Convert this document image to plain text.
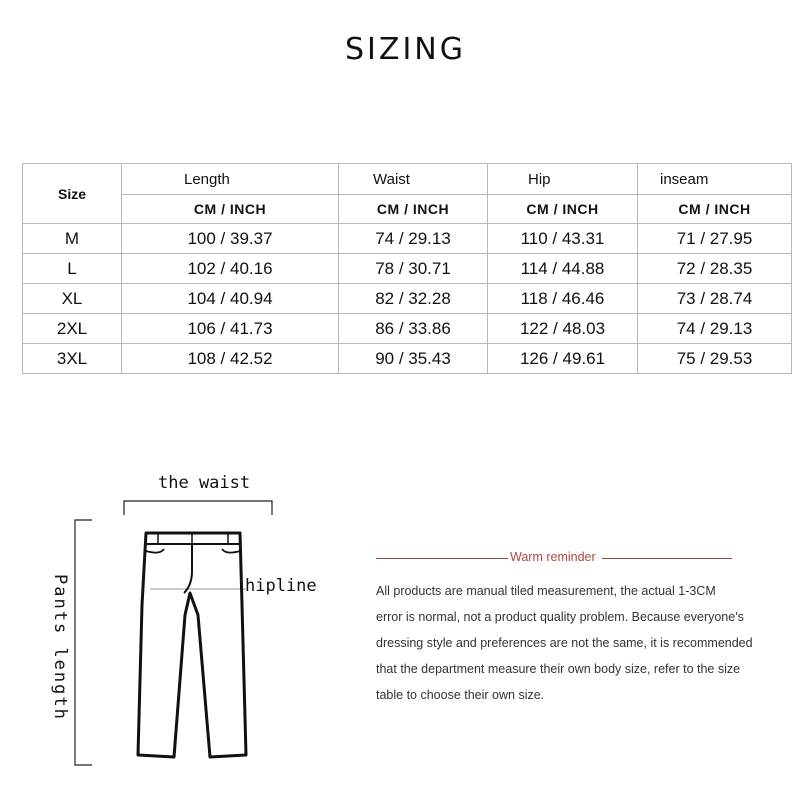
SIZING
Size	Length	Waist	Hip	inseam
	CM / INCH	CM / INCH	CM / INCH	CM / INCH
M	100 / 39.37	74 / 29.13	110 / 43.31	71 / 27.95
L	102 / 40.16	78 / 30.71	114 / 44.88	72 / 28.35
XL	104 / 40.94	82 / 32.28	118 / 46.46	73 / 28.74
2XL	106 / 41.73	86 / 33.86	122 / 48.03	74 / 29.13
3XL	108 / 42.52	90 / 35.43	126 / 49.61	75 / 29.53
the waist
hipline
Pants length
Warm reminder
All products are manual tiled measurement, the actual 1-3CM
error is normal, not a product quality problem. Because everyone's
dressing style and preferences are not the same, it is recommended
that the department measure their own body size, refer to the size
table to choose their own size.
